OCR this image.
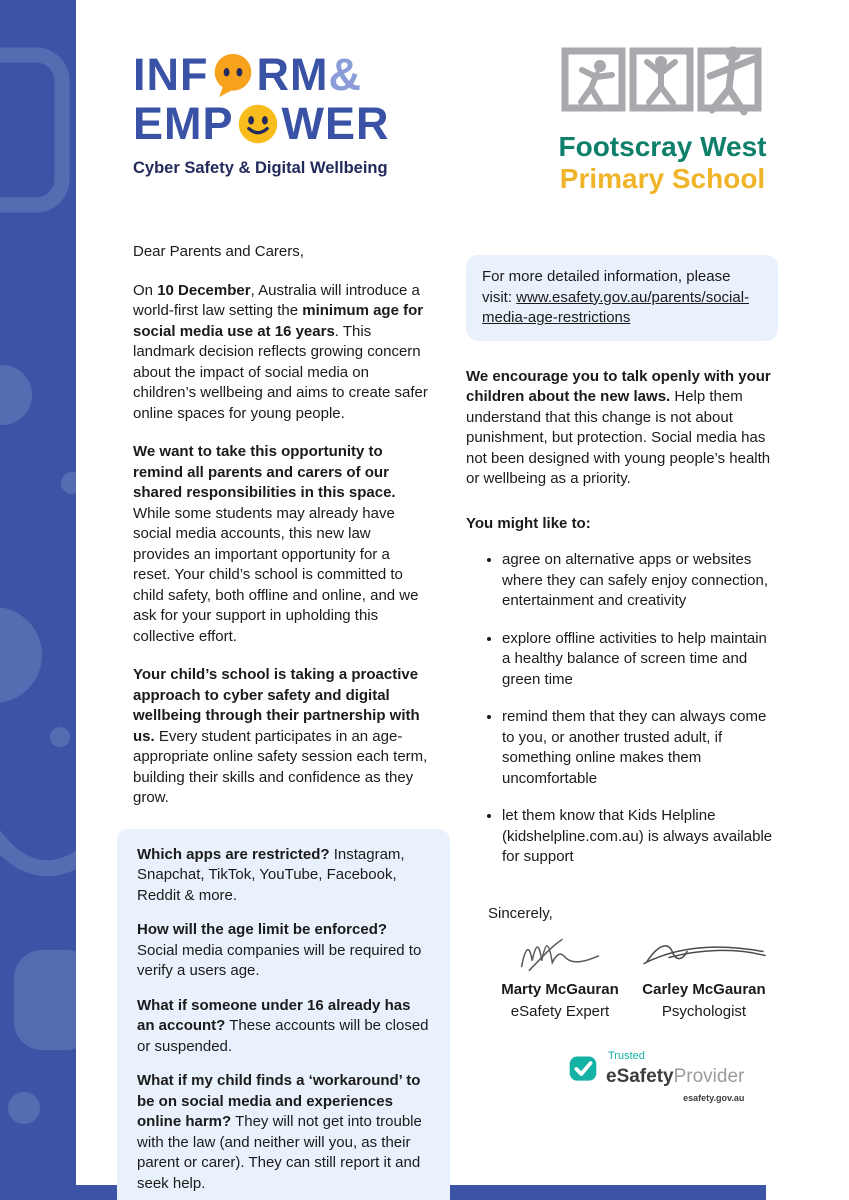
INF RM &
EMP WER
Cyber Safety & Digital Wellbeing
Footscray West
Primary School

Dear Parents and Carers,

On 10 December, Australia will introduce a world-first law setting the minimum age for social media use at 16 years. This landmark decision reflects growing concern about the impact of social media on children’s wellbeing and aims to create safer online spaces for young people.

We want to take this opportunity to remind all parents and carers of our shared responsibilities in this space. While some students may already have social media accounts, this new law provides an important opportunity for a reset. Your child’s school is committed to child safety, both offline and online, and we ask for your support in upholding this collective effort.

Your child’s school is taking a proactive approach to cyber safety and digital wellbeing through their partnership with us. Every student participates in an age-appropriate online safety session each term, building their skills and confidence as they grow.

Which apps are restricted? Instagram, Snapchat, TikTok, YouTube, Facebook, Reddit & more.

How will the age limit be enforced? Social media companies will be required to verify a users age.

What if someone under 16 already has an account? These accounts will be closed or suspended.

What if my child finds a ‘workaround’ to be on social media and experiences online harm? They will not get into trouble with the law (and neither will you, as their parent or carer). They can still report it and seek help.

For more detailed information, please visit: www.esafety.gov.au/parents/social-media-age-restrictions

We encourage you to talk openly with your children about the new laws. Help them understand that this change is not about punishment, but protection. Social media has not been designed with young people’s health or wellbeing as a priority.

You might like to:

• agree on alternative apps or websites where they can safely enjoy connection, entertainment and creativity
• explore offline activities to help maintain a healthy balance of screen time and green time
• remind them that they can always come to you, or another trusted adult, if something online makes them uncomfortable
• let them know that Kids Helpline (kidshelpline.com.au) is always available for support

Sincerely,

Marty McGauran
eSafety Expert
Carley McGauran
Psychologist
Trusted
eSafetyProvider
esafety.gov.au
